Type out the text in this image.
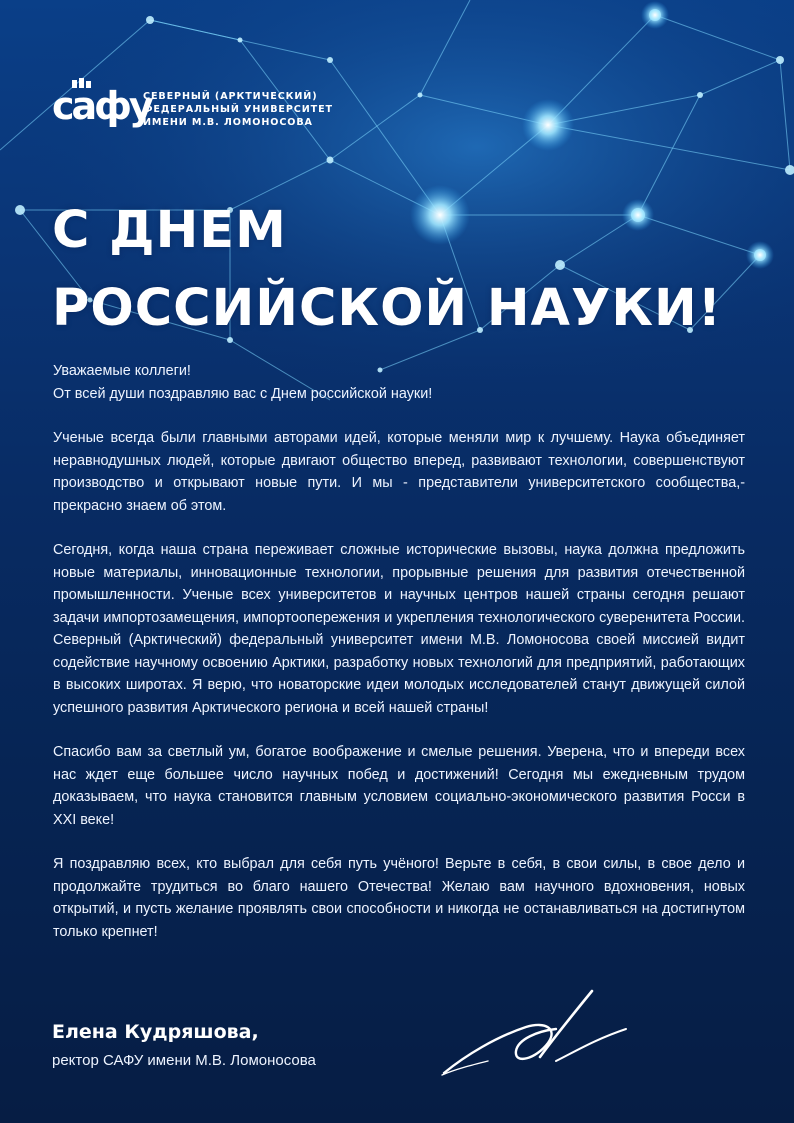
сафу
СЕВЕРНЫЙ (АРКТИЧЕСКИЙ)
ФЕДЕРАЛЬНЫЙ УНИВЕРСИТЕТ
ИМЕНИ М.В. ЛОМОНОСОВА
С ДНЕМ
РОССИЙСКОЙ НАУКИ!

Уважаемые коллеги!

От всей души поздравляю вас с Днем российской науки!

Ученые всегда были главными авторами идей, которые меняли мир к лучшему. Наука объединяет неравнодушных людей, которые двигают общество вперед, развивают технологии, совершенствуют производство и открывают новые пути. И мы - представители университетского сообщества,- прекрасно знаем об этом.

Сегодня, когда наша страна переживает сложные исторические вызовы, наука должна предложить новые материалы, инновационные технологии, прорывные решения для развития отечественной промышленности. Ученые всех университетов и научных центров нашей страны сегодня решают задачи импортозамещения, импортоопережения и укрепления технологического суверенитета России. Северный (Арктический) федеральный университет имени М.В. Ломоносова своей миссией видит содействие научному освоению Арктики, разработку новых технологий для предприятий, работающих в высоких широтах. Я верю, что новаторские идеи молодых исследователей станут движущей силой успешного развития Арктического региона и всей нашей страны!

Спасибо вам за светлый ум, богатое воображение и смелые решения. Уверена, что и впереди всех нас ждет еще большее число научных побед и достижений! Сегодня мы ежедневным трудом доказываем, что наука становится главным условием социально-экономического развития Росси в XXI веке!

Я поздравляю всех, кто выбрал для себя путь учёного! Верьте в себя, в свои силы, в свое дело и продолжайте трудиться во благо нашего Отечества! Желаю вам научного вдохновения, новых открытий, и пусть желание проявлять свои способности и никогда не останавливаться на достигнутом только крепнет!

Елена Кудряшова,
ректор САФУ имени М.В. Ломоносова
